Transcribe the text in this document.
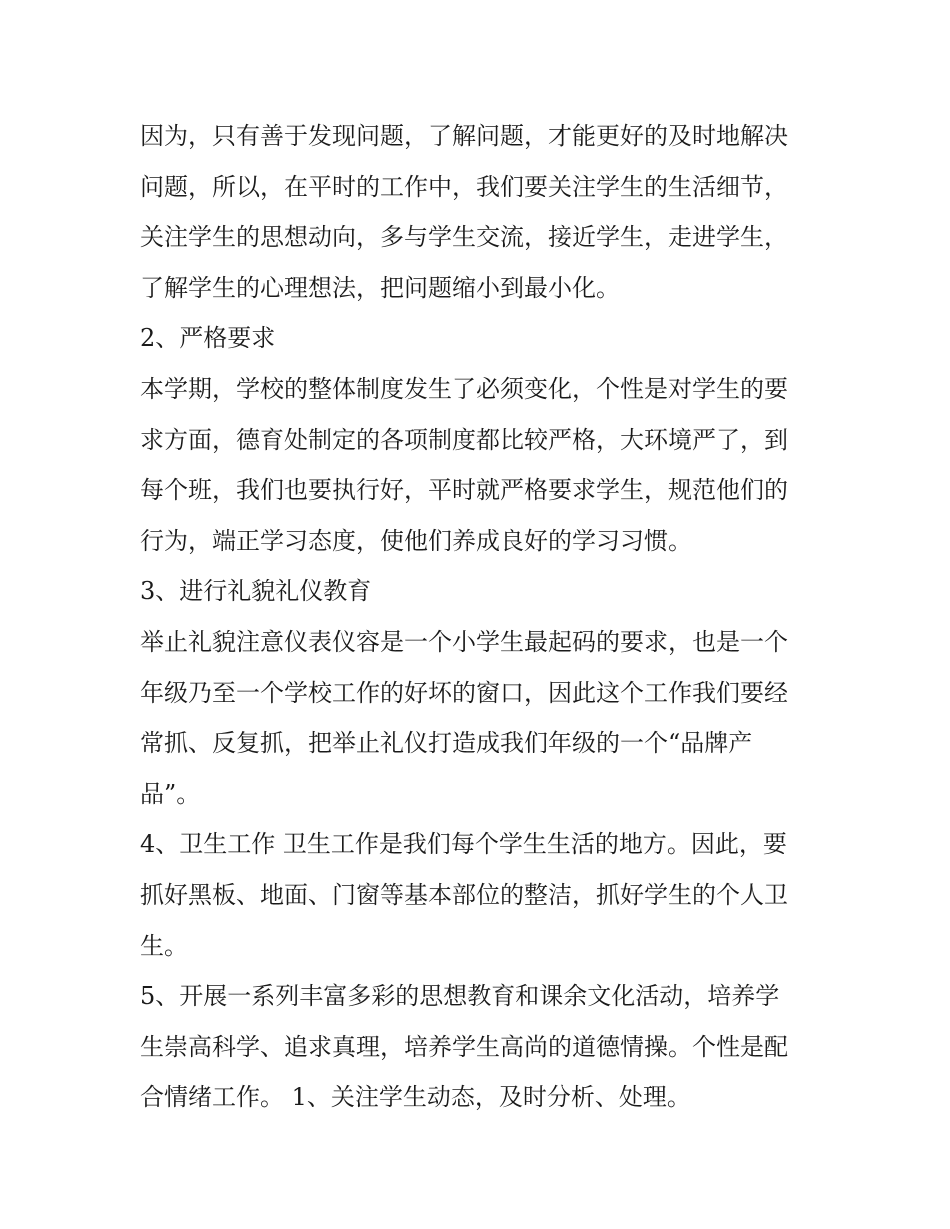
因为，只有善于发现问题，了解问题，才能更好的及时地解决
问题，所以，在平时的工作中，我们要关注学生的生活细节，
关注学生的思想动向，多与学生交流，接近学生，走进学生，
了解学生的心理想法，把问题缩小到最小化。
2、严格要求
本学期，学校的整体制度发生了必须变化，个性是对学生的要
求方面，德育处制定的各项制度都比较严格，大环境严了，到
每个班，我们也要执行好，平时就严格要求学生，规范他们的
行为，端正学习态度，使他们养成良好的学习习惯。
3、进行礼貌礼仪教育
举止礼貌注意仪表仪容是一个小学生最起码的要求，也是一个
年级乃至一个学校工作的好坏的窗口，因此这个工作我们要经
常抓、反复抓，把举止礼仪打造成我们年级的一个“品牌产
品”。
4、卫生工作 卫生工作是我们每个学生生活的地方。因此，要
抓好黑板、地面、门窗等基本部位的整洁，抓好学生的个人卫
生。
5、开展一系列丰富多彩的思想教育和课余文化活动，培养学
生崇高科学、追求真理，培养学生高尚的道德情操。个性是配
合情绪工作。 1、关注学生动态，及时分析、处理。
